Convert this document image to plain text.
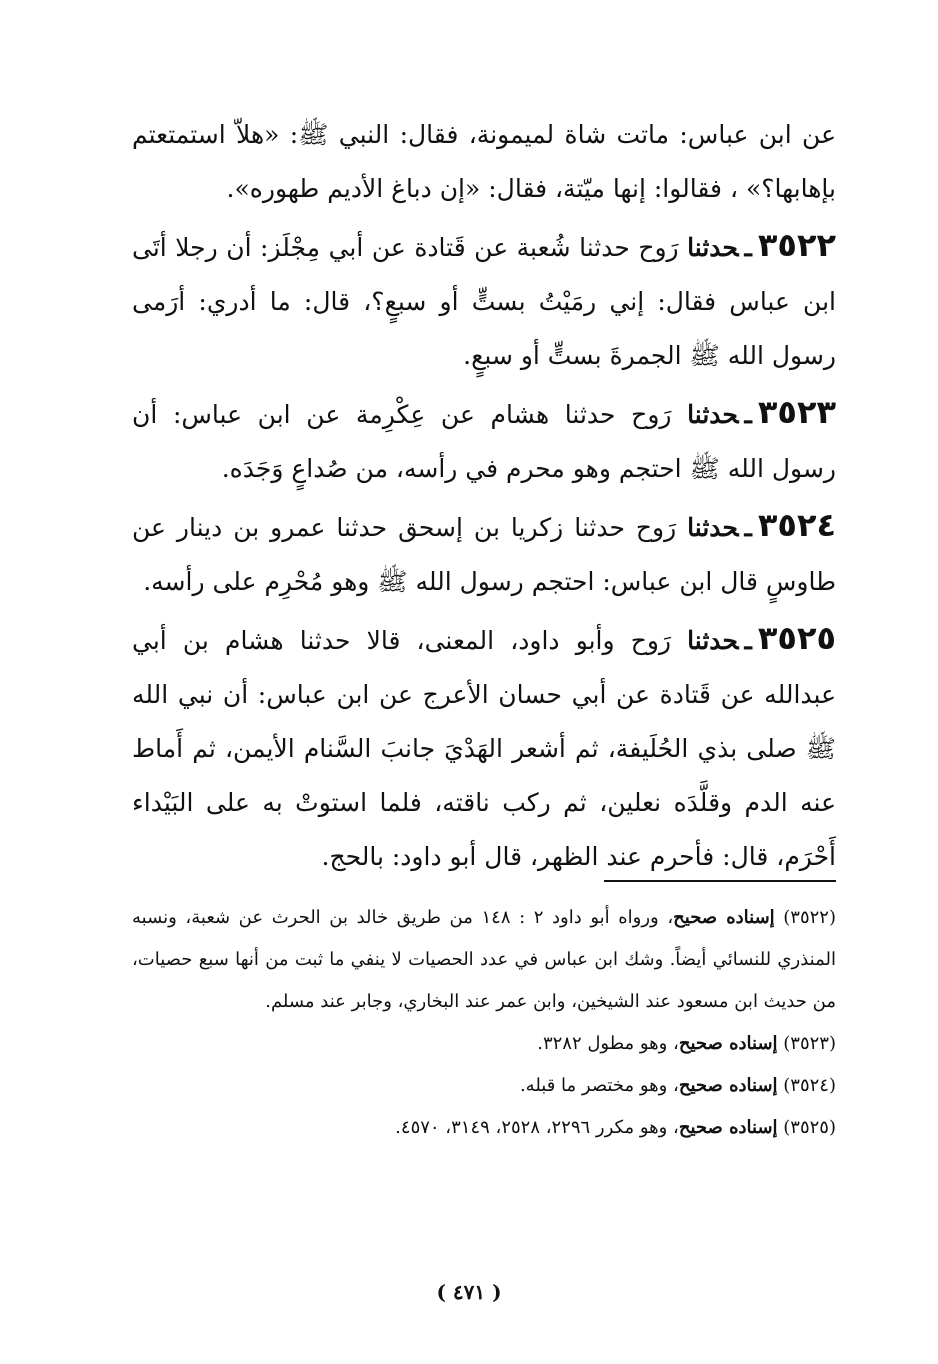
عن ابن عباس: ماتت شاة لميمونة، فقال: النبي ﷺ: «هلاّ استمتعتم بإهابها؟» ، فقالوا: إنها ميّتة، فقال: «إن دباغ الأديم طهوره».

٣٥٢٢ـحدثنا رَوح حدثنا شُعبة عن قَتادة عن أبي مِجْلَز: أن رجلا أتَى ابن عباس فقال: إني رمَيْتُ بستٍّ أو سبعٍ؟، قال: ما أدري: أرَمى رسول الله ﷺ الجمرةَ بستٍّ أو سبعٍ.

٣٥٢٣ـحدثنا رَوح حدثنا هشام عن عِكْرِمة عن ابن عباس: أن رسول الله ﷺ احتجم وهو محرم في رأسه، من صُداعٍ وَجَدَه.

٣٥٢٤ـحدثنا رَوح حدثنا زكريا بن إسحق حدثنا عمرو بن دينار عن طاوسٍ قال ابن عباس: احتجم رسول الله ﷺ وهو مُحْرِم على رأسه.

٣٥٢٥ـحدثنا رَوح وأبو داود، المعنى، قالا حدثنا هشام بن أبي عبدالله عن قَتادة عن أبي حسان الأعرج عن ابن عباس: أن نبي الله ﷺ صلى بذي الحُلَيفة، ثم أشعر الهَدْيَ جانبَ السَّنام الأيمن، ثم أَماط عنه الدم وقلَّدَه نعلين، ثم ركب ناقته، فلما استوتْ به على البَيْداء أَحْرَم، قال: فأحرم عند الظهر، قال أبو داود: بالحج.

(٣٥٢٢) إسناده صحيح، ورواه أبو داود ٢ : ١٤٨ من طريق خالد بن الحرث عن شعبة، ونسبه المنذري للنسائي أيضاً. وشك ابن عباس في عدد الحصيات لا ينفي ما ثبت من أنها سبع حصيات، من حديث ابن مسعود عند الشيخين، وابن عمر عند البخاري، وجابر عند مسلم.

(٣٥٢٣) إسناده صحيح، وهو مطول ٣٢٨٢.

(٣٥٢٤) إسناده صحيح، وهو مختصر ما قبله.

(٣٥٢٥) إسناده صحيح، وهو مكرر ٢٢٩٦، ٢٥٢٨، ٣١٤٩، ٤٥٧٠.

( ٤٧١ )
